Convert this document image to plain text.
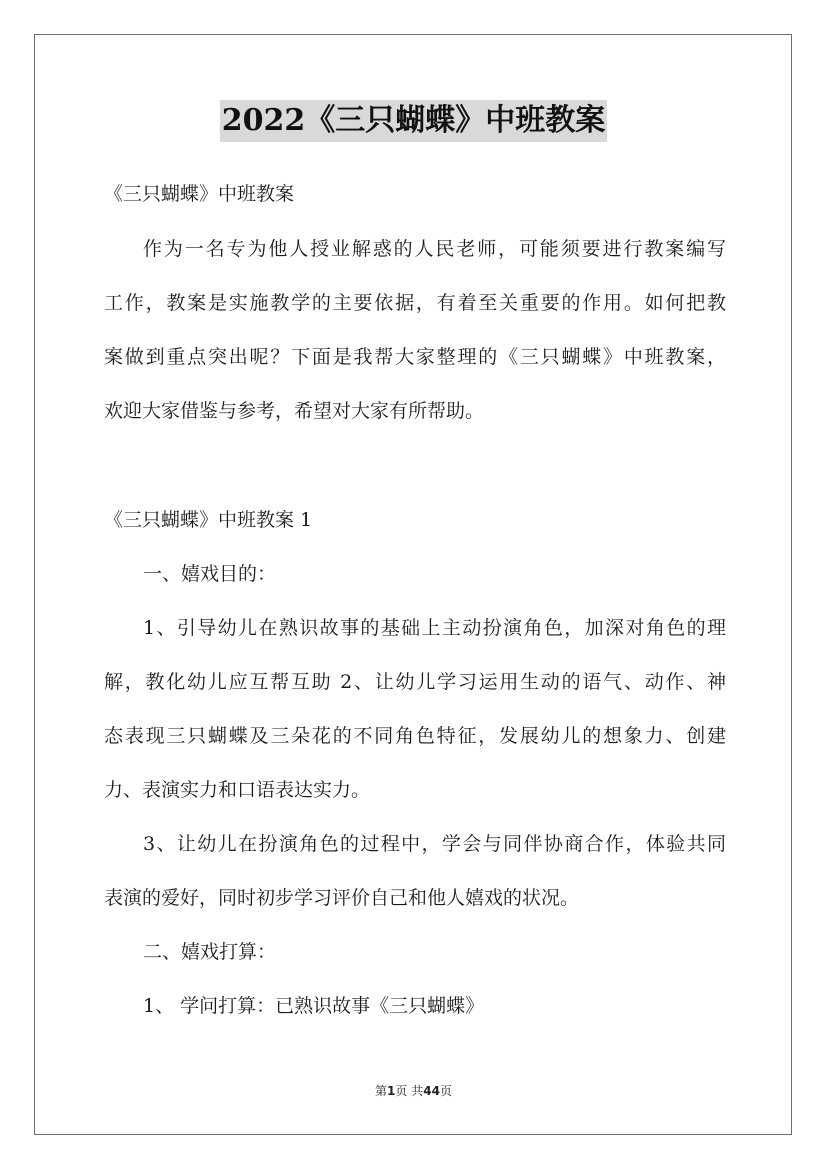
2022《三只蝴蝶》中班教案
《三只蝴蝶》中班教案
作为一名专为他人授业解惑的人民老师，可能须要进行教案编写
工作，教案是实施教学的主要依据，有着至关重要的作用。如何把教
案做到重点突出呢？下面是我帮大家整理的《三只蝴蝶》中班教案，
欢迎大家借鉴与参考，希望对大家有所帮助。
《三只蝴蝶》中班教案 1
一、嬉戏目的：
1、引导幼儿在熟识故事的基础上主动扮演角色，加深对角色的理
解，教化幼儿应互帮互助 2、让幼儿学习运用生动的语气、动作、神
态表现三只蝴蝶及三朵花的不同角色特征，发展幼儿的想象力、创建
力、表演实力和口语表达实力。
3、让幼儿在扮演角色的过程中，学会与同伴协商合作，体验共同
表演的爱好，同时初步学习评价自己和他人嬉戏的状况。
二、嬉戏打算：
1、 学问打算：已熟识故事《三只蝴蝶》
第1页 共44页
